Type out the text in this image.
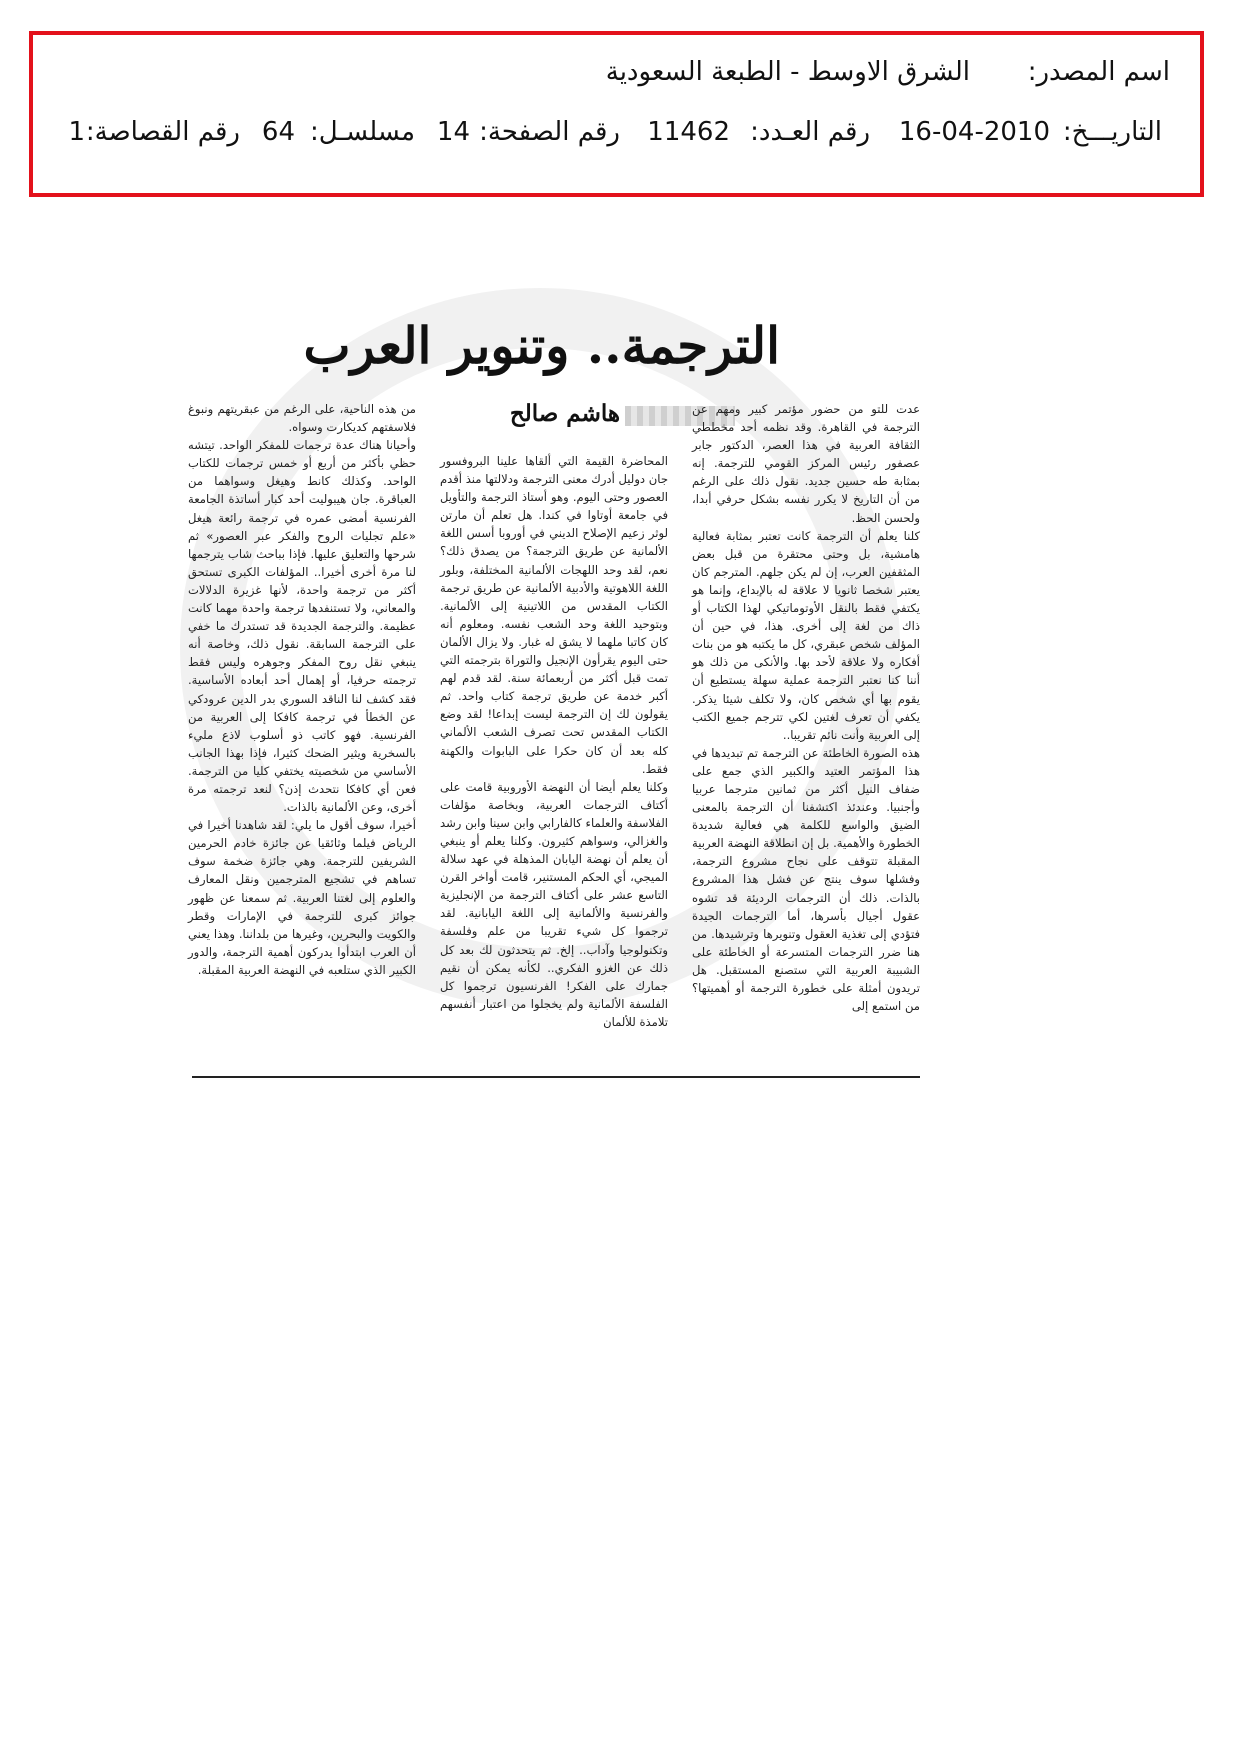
اسم المصدر:
الشرق الاوسط - الطبعة السعودية
التاريـــخ:
16-04-2010
رقم العـدد:
11462
رقم الصفحة:
14
مسلسـل:
64
رقم القصاصة:
1
الترجمة.. وتنوير العرب
هاشم صالح	عدت للتو من حضور مؤتمر كبير ومهم عن الترجمة في القاهرة. وقد نظمه أحد مخططي الثقافة العربية في هذا العصر، الدكتور جابر عصفور رئيس المركز القومي للترجمة. إنه بمثابة طه حسين جديد. نقول ذلك على الرغم من أن التاريخ لا يكرر نفسه بشكل حرفي أبدا، ولحسن الحظ.

كلنا يعلم أن الترجمة كانت تعتبر بمثابة فعالية هامشية، بل وحتى محتقرة من قبل بعض المثقفين العرب، إن لم يكن جلهم. المترجم كان يعتبر شخصا ثانويا لا علاقة له بالإبداع، وإنما هو يكتفي فقط بالنقل الأوتوماتيكي لهذا الكتاب أو ذاك من لغة إلى أخرى. هذا، في حين أن المؤلف شخص عبقري، كل ما يكتبه هو من بنات أفكاره ولا علاقة لأحد بها. والأنكى من ذلك هو أننا كنا نعتبر الترجمة عملية سهلة يستطيع أن يقوم بها أي شخص كان، ولا تكلف شيئا يذكر. يكفي أن تعرف لغتين لكي تترجم جميع الكتب إلى العربية وأنت نائم تقريبا..

هذه الصورة الخاطئة عن الترجمة تم تبديدها في هذا المؤتمر العتيد والكبير الذي جمع على ضفاف النيل أكثر من ثمانين مترجما عربيا وأجنبيا. وعندئذ اكتشفنا أن الترجمة بالمعنى الضيق والواسع للكلمة هي فعالية شديدة الخطورة والأهمية. بل إن انطلاقة النهضة العربية المقبلة تتوقف على نجاح مشروع الترجمة، وفشلها سوف ينتج عن فشل هذا المشروع بالذات. ذلك أن الترجمات الرديئة قد تشوه عقول أجيال بأسرها، أما الترجمات الجيدة فتؤدي إلى تغذية العقول وتنويرها وترشيدها. من هنا ضرر الترجمات المتسرعة أو الخاطئة على الشبيبة العربية التي ستصنع المستقبل. هل تريدون أمثلة على خطورة الترجمة أو أهميتها؟ من استمع إلى

المحاضرة القيمة التي ألقاها علينا البروفسور جان دوليل أدرك معنى الترجمة ودلالتها منذ أقدم العصور وحتى اليوم. وهو أستاذ الترجمة والتأويل في جامعة أوتاوا في كندا. هل تعلم أن مارتن لوثر زعيم الإصلاح الديني في أوروبا أسس اللغة الألمانية عن طريق الترجمة؟ من يصدق ذلك؟ نعم، لقد وحد اللهجات الألمانية المختلفة، وبلور اللغة اللاهوتية والأدبية الألمانية عن طريق ترجمة الكتاب المقدس من اللاتينية إلى الألمانية. وبتوحيد اللغة وحد الشعب نفسه. ومعلوم أنه كان كاتبا ملهما لا يشق له غبار. ولا يزال الألمان حتى اليوم يقرأون الإنجيل والتوراة بترجمته التي تمت قبل أكثر من أربعمائة سنة. لقد قدم لهم أكبر خدمة عن طريق ترجمة كتاب واحد. ثم يقولون لك إن الترجمة ليست إبداعا! لقد وضع الكتاب المقدس تحت تصرف الشعب الألماني كله بعد أن كان حكرا على البابوات والكهنة فقط.

وكلنا يعلم أيضا أن النهضة الأوروبية قامت على أكتاف الترجمات العربية، وبخاصة مؤلفات الفلاسفة والعلماء كالفارابي وابن سينا وابن رشد والغزالي، وسواهم كثيرون. وكلنا يعلم أو ينبغي أن يعلم أن نهضة اليابان المذهلة في عهد سلالة الميجي، أي الحكم المستنير، قامت أواخر القرن التاسع عشر على أكتاف الترجمة من الإنجليزية والفرنسية والألمانية إلى اللغة اليابانية. لقد ترجموا كل شيء تقريبا من علم وفلسفة وتكنولوجيا وآداب.. إلخ. ثم يتحدثون لك بعد كل ذلك عن الغزو الفكري.. لكأنه يمكن أن نقيم جمارك على الفكر! الفرنسيون ترجموا كل الفلسفة الألمانية ولم يخجلوا من اعتبار أنفسهم تلامذة للألمان

من هذه الناحية، على الرغم من عبقريتهم ونبوغ فلاسفتهم كديكارت وسواه.

وأحيانا هناك عدة ترجمات للمفكر الواحد. تيتشه حظي بأكثر من أربع أو خمس ترجمات للكتاب الواحد. وكذلك كانط وهيغل وسواهما من العباقرة. جان هيبوليت أحد كبار أساتذة الجامعة الفرنسية أمضى عمره في ترجمة رائعة هيغل «علم تجليات الروح والفكر عبر العصور» ثم شرحها والتعليق عليها. فإذا بباحث شاب يترجمها لنا مرة أخرى أخيرا.. المؤلفات الكبرى تستحق أكثر من ترجمة واحدة، لأنها غزيرة الدلالات والمعاني، ولا تستنفدها ترجمة واحدة مهما كانت عظيمة. والترجمة الجديدة قد تستدرك ما خفي على الترجمة السابقة. نقول ذلك، وخاصة أنه ينبغي نقل روح المفكر وجوهره وليس فقط ترجمته حرفيا، أو إهمال أحد أبعاده الأساسية. فقد كشف لنا الناقد السوري بدر الدين عرودكي عن الخطأ في ترجمة كافكا إلى العربية من الفرنسية. فهو كاتب ذو أسلوب لاذع مليء بالسخرية ويثير الضحك كثيرا، فإذا بهذا الجانب الأساسي من شخصيته يختفي كليا من الترجمة. فعن أي كافكا نتحدث إذن؟ لنعد ترجمته مرة أخرى، وعن الألمانية بالذات.

أخيرا، سوف أقول ما يلي: لقد شاهدنا أخيرا في الرياض فيلما وثائقيا عن جائزة خادم الحرمين الشريفين للترجمة. وهي جائزة ضخمة سوف تساهم في تشجيع المترجمين ونقل المعارف والعلوم إلى لغتنا العربية. ثم سمعنا عن ظهور جوائز كبرى للترجمة في الإمارات وقطر والكويت والبحرين، وغيرها من بلداننا. وهذا يعني أن العرب ابتدأوا يدركون أهمية الترجمة، والدور الكبير الذي ستلعبه في النهضة العربية المقبلة.
